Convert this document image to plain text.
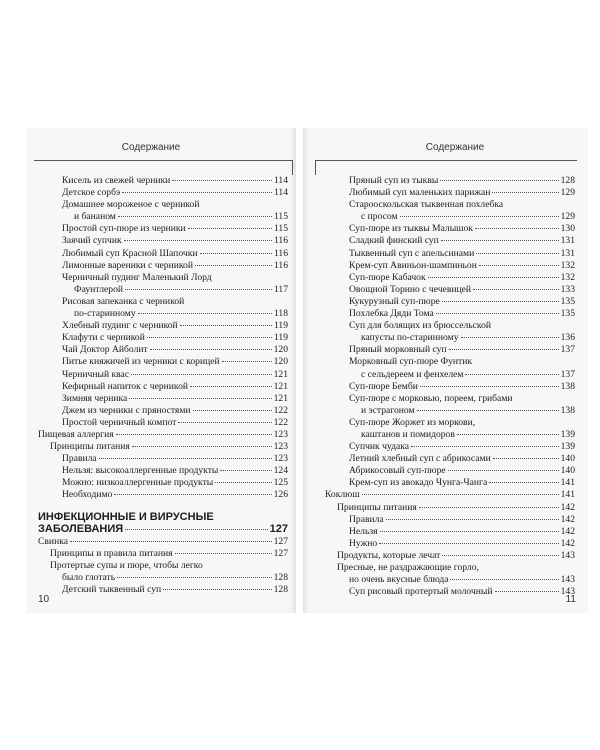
Содержание
Кисель из свежей черники	114
Детское сорбэ	114
Домашнее мороженое с черникой
и бананом	115
Простой суп-пюре из черники	115
Заячий супчик	116
Любимый суп Красной Шапочки	116
Лимонные вареники с черникой	116
Черничный пудинг Маленький Лорд
Фаунтлерой	117
Рисовая запеканка с черникой
по-старинному	118
Хлебный пудинг с черникой	119
Клафути с черникой	119
Чай Доктор Айболит	120
Питье княжичей из черники с корицей	120
Черничный квас	121
Кефирный напиток с черникой	121
Зимняя черника	121
Джем из черники с пряностями	122
Простой черничный компот	122
Пищевая аллергия	123
Принципы питания	123
Правила	123
Нельзя: высокоаллергенные продукты	124
Можно: низкоаллергенные продукты	125
Необходимо	126
ИНФЕКЦИОННЫЕ И ВИРУСНЫЕ
ЗАБОЛЕВАНИЯ	127
Свинка	127
Принципы и правила питания	127
Протертые супы и пюре, чтобы легко
было глотать	128
Детский тыквенный суп	128
10
Содержание
Пряный суп из тыквы	128
Любимый суп маленьких парижан	129
Старооскольская тыквенная похлебка
с просом	129
Суп-пюре из тыквы Малышок	130
Сладкий финский суп	131
Тыквенный суп с апельсинами	131
Крем-суп Авиньон-шампиньон	132
Суп-пюре Кабачок	132
Овощной Торино с чечевицей	133
Кукурузный суп-пюре	135
Похлебка Дяди Тома	135
Суп для болящих из брюссельской
капусты по-старинному	136
Пряный морковный суп	137
Морковный суп-пюре Фунтик
с сельдереем и фенхелем	137
Суп-пюре Бемби	138
Суп-пюре с морковью, пореем, грибами
и эстрагоном	138
Суп-пюре Жоржет из моркови,
каштанов и помидоров	139
Супчик чудака	139
Летний хлебный суп с абрикосами	140
Абрикосовый суп-пюре	140
Крем-суп из авокадо Чунга-Чанга	141
Коклюш	141
Принципы питания	142
Правила	142
Нельзя	142
Нужно	142
Продукты, которые лечат	143
Пресные, не раздражающие горло,
но очень вкусные блюда	143
Суп рисовый протертый молочный	143
11
